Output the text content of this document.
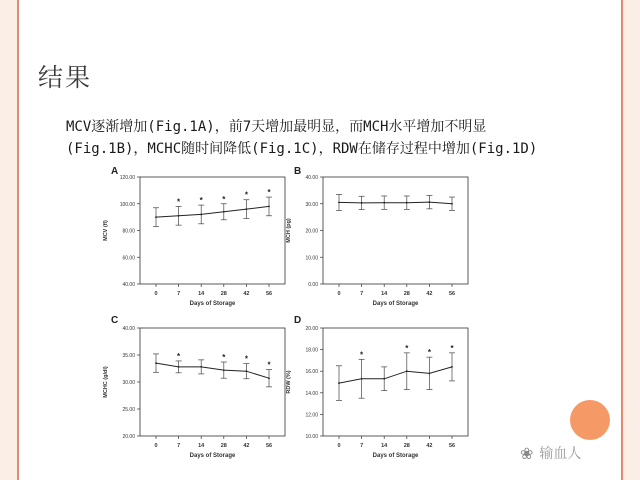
结果
MCV逐渐增加(Fig.1A)，前7天增加最明显，而MCH水平增加不明显
(Fig.1B)，MCHC随时间降低(Fig.1C)，RDW在储存过程中增加(Fig.1D)
A
40.00
60.00
80.00
100.00
120.00
MCV (fl)
0	7	14	28	42	56
Days of Storage
* * * * *
B
0.00
10.00
20.00
30.00
40.00
MCH (pg)
0	7	14	28	42	56
Days of Storage
C
20.00
25.00
30.00
35.00
40.00
MCHC (g/dl)
0	7	14	28	42	56
Days of Storage
*	* *
*
D
10.00
12.00
14.00
16.00
18.00
20.00
RDW (%)
0	7	14	28	42	56
Days of Storage
*
* * *
❀ 输血人
